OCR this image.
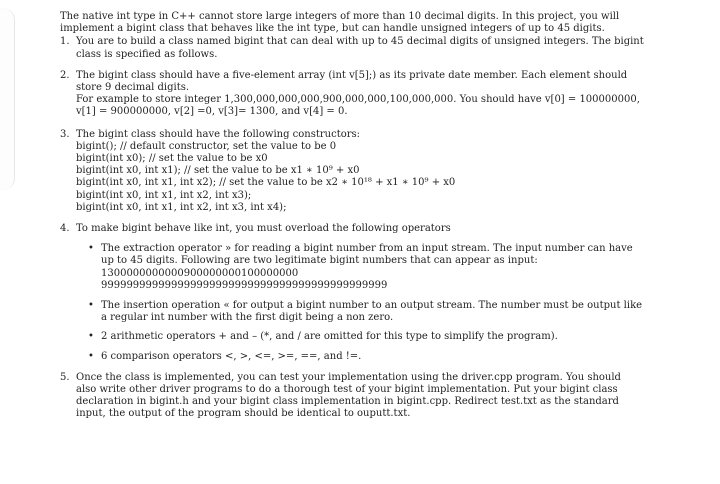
The native int type in C++ cannot store large integers of more than 10 decimal digits. In this project, you will implement a bigint class that behaves like the int type, but can handle unsigned integers of up to 45 digits.
1. You are to build a class named bigint that can deal with up to 45 decimal digits of unsigned integers. The bigint class is specified as follows.
2. The bigint class should have a five-element array (int v[5];) as its private date member. Each element should store 9 decimal digits.
For example to store integer 1,300,000,000,000,900,000,000,100,000,000. You should have v[0] = 100000000, v[1] = 900000000, v[2] =0, v[3]= 1300, and v[4] = 0.
3. The bigint class should have the following constructors:
bigint(); // default constructor, set the value to be 0
bigint(int x0); // set the value to be x0
bigint(int x0, int x1); // set the value to be x1 ∗ 10⁹ + x0
bigint(int x0, int x1, int x2); // set the value to be x2 ∗ 10¹⁸ + x1 ∗ 10⁹ + x0
bigint(int x0, int x1, int x2, int x3);
bigint(int x0, int x1, int x2, int x3, int x4);
4. To make bigint behave like int, you must overload the following operators
• The extraction operator » for reading a bigint number from an input stream. The input number can have up to 45 digits. Following are two legitimate bigint numbers that can appear as input:
1300000000000900000000100000000
999999999999999999999999999999999999999999999
• The insertion operation « for output a bigint number to an output stream. The number must be output like a regular int number with the first digit being a non zero.
• 2 arithmetic operators + and – (*, and / are omitted for this type to simplify the program).
• 6 comparison operators <, >, <=, >=, ==, and !=.
5. Once the class is implemented, you can test your implementation using the driver.cpp program. You should also write other driver programs to do a thorough test of your bigint implementation. Put your bigint class declaration in bigint.h and your bigint class implementation in bigint.cpp. Redirect test.txt as the standard input, the output of the program should be identical to ouputt.txt.
